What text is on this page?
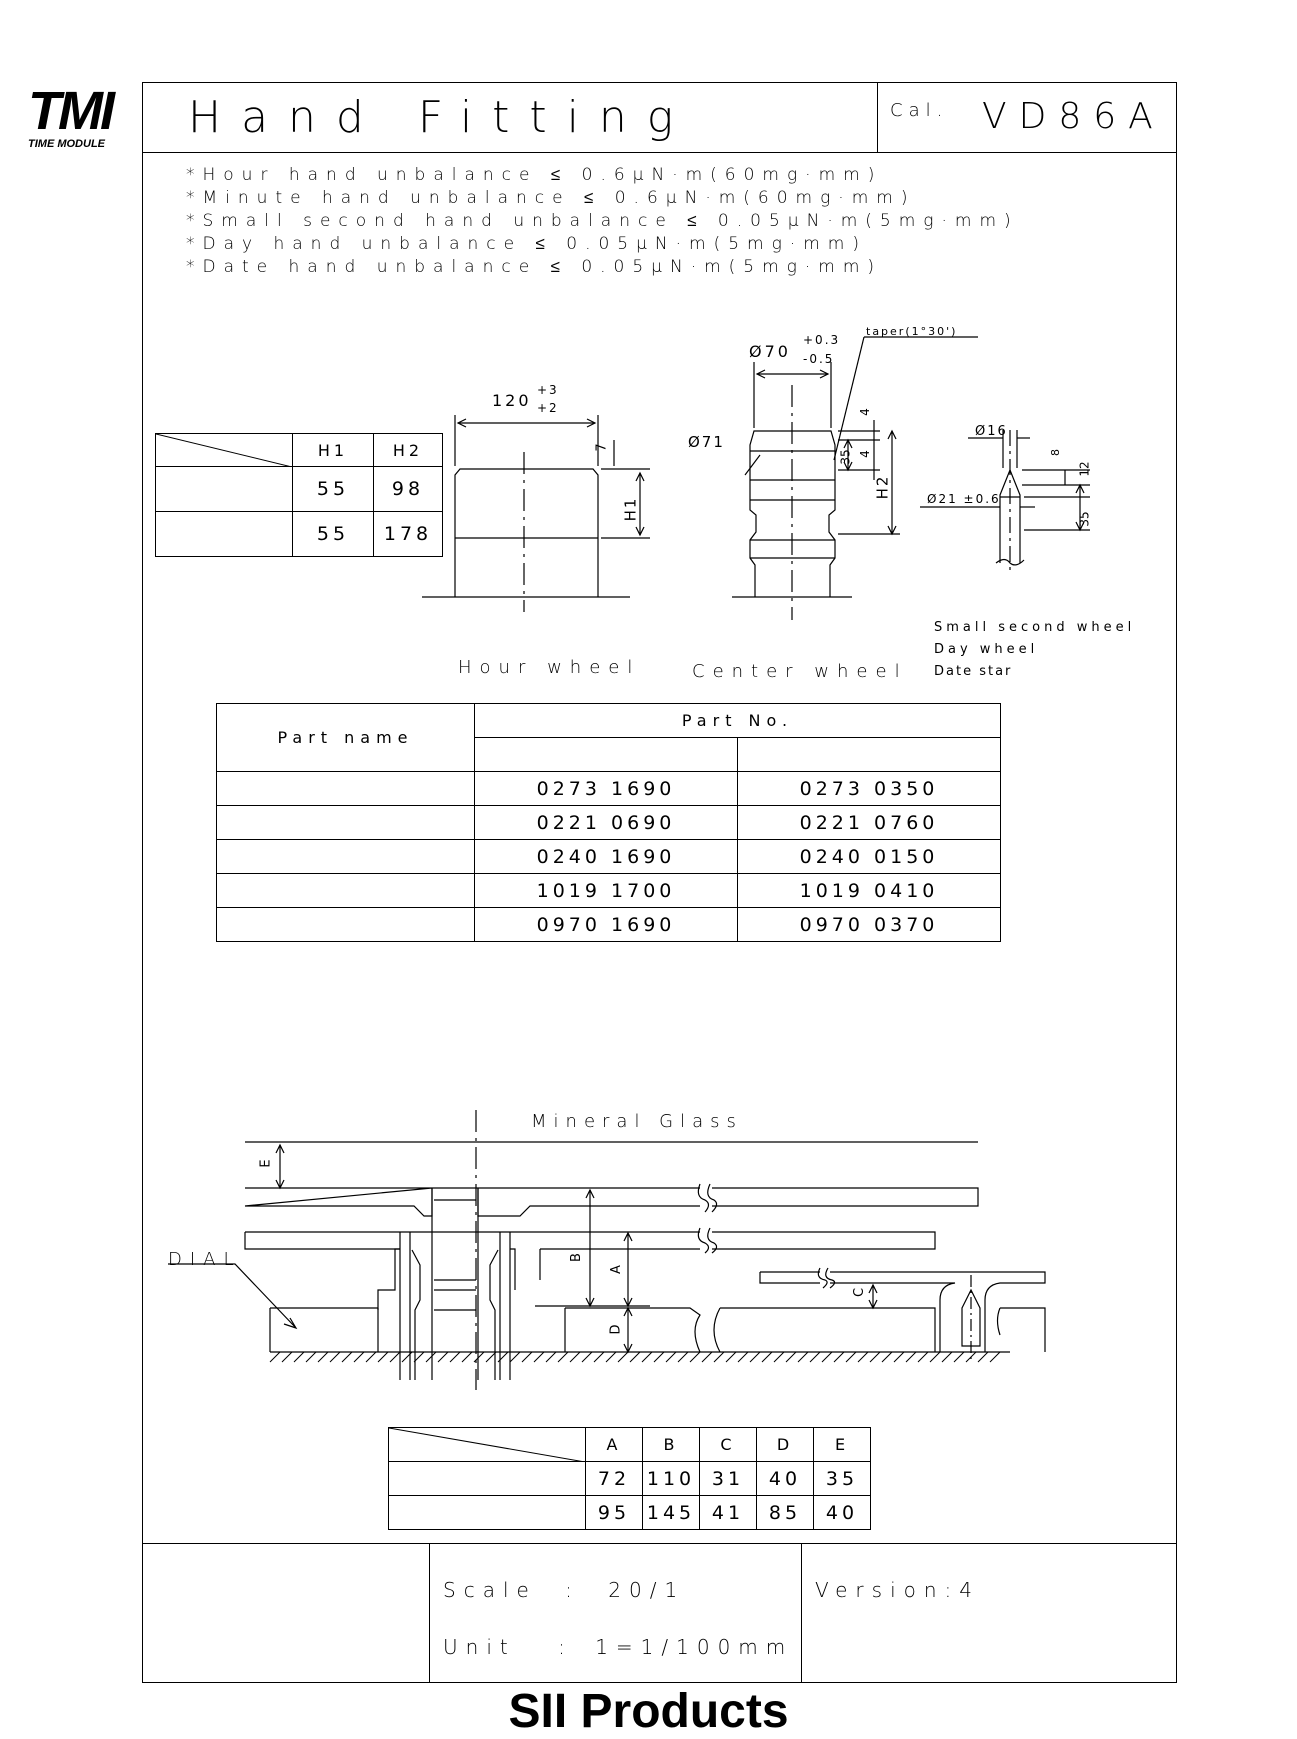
TMI
TIME MODULE
Hand Fitting	Cal. VD86A
*Hour hand unbalance ≤ 0.6μN·m(60mg·mm)
*Minute hand unbalance ≤ 0.6μN·m(60mg·mm)
*Small second hand unbalance ≤ 0.05μN·m(5mg·mm)
*Day hand unbalance ≤ 0.05μN·m(5mg·mm)
*Date hand unbalance ≤ 0.05μN·m(5mg·mm)
	H1	H2
	55	98
	55	178
120
+3
+2
7
H1
Ø70
+0.3
-0.5
taper(1°30')
Ø71
4
4
35
H2
Ø16
8
12
Ø21 ±0.6
35
Hour wheel	Center wheel
Small second wheel
Day wheel
Date star
Part name	Part No.	

	0273 1690	0273 0350
	0221 0690	0221 0760
	0240 1690	0240 0150
	1019 1700	1019 0410
	0970 1690	0970 0370
Mineral Glass
DIAL
E
B
A
C
D
	A	B	C	D	E
	72	110	31	40	35
	95	145	41	85	40
Scale : 20/1
Unit : 1=1/100mm
Version:4
SII Products
